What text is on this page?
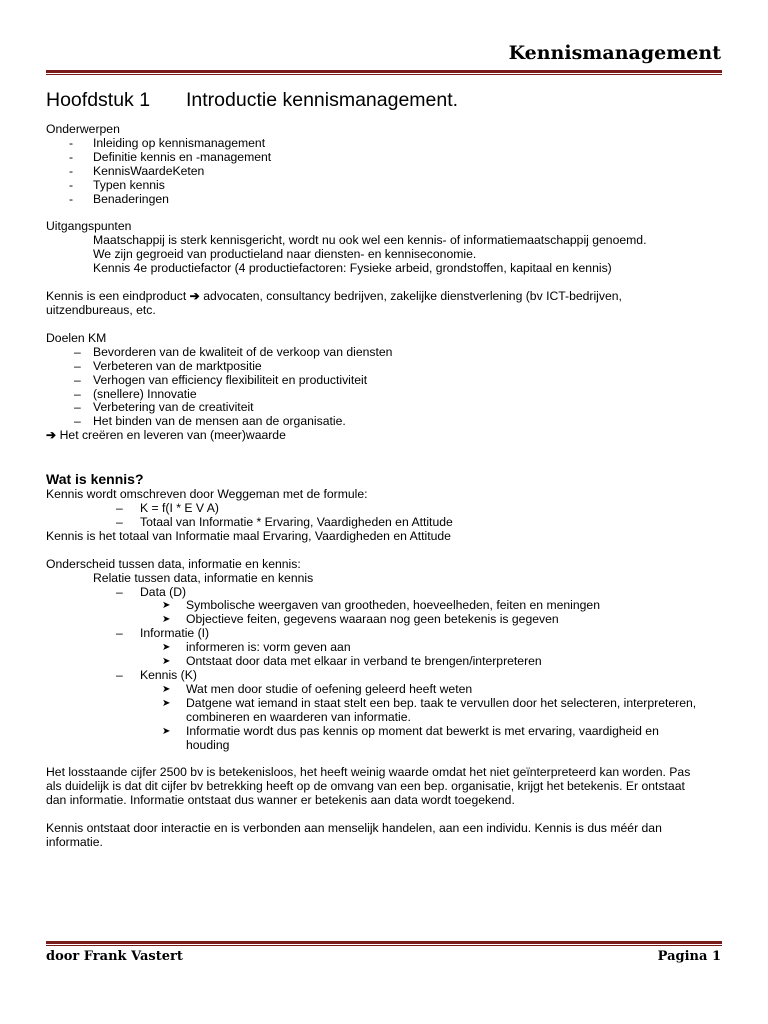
Kennismanagement
Hoofdstuk 1 Introductie kennismanagement.
Onderwerpen
- Inleiding op kennismanagement
- Definitie kennis en -management
- KennisWaardeKeten
- Typen kennis
- Benaderingen
Uitgangspunten
Maatschappij is sterk kennisgericht, wordt nu ook wel een kennis- of informatiemaatschappij genoemd.
We zijn gegroeid van productieland naar diensten- en kenniseconomie.
Kennis 4e productiefactor (4 productiefactoren: Fysieke arbeid, grondstoffen, kapitaal en kennis)
Kennis is een eindproduct ➔ advocaten, consultancy bedrijven, zakelijke dienstverlening (bv ICT-bedrijven,
uitzendbureaus, etc.
Doelen KM
– Bevorderen van de kwaliteit of de verkoop van diensten
– Verbeteren van de marktpositie
– Verhogen van efficiency flexibiliteit en productiviteit
– (snellere) Innovatie
– Verbetering van de creativiteit
– Het binden van de mensen aan de organisatie.
➔ Het creëren en leveren van (meer)waarde
Wat is kennis?
Kennis wordt omschreven door Weggeman met de formule:
– K = f(I * E V A)
– Totaal van Informatie * Ervaring, Vaardigheden en Attitude
Kennis is het totaal van Informatie maal Ervaring, Vaardigheden en Attitude
Onderscheid tussen data, informatie en kennis:
Relatie tussen data, informatie en kennis
– Data (D)
➤ Symbolische weergaven van grootheden, hoeveelheden, feiten en meningen
➤ Objectieve feiten, gegevens waaraan nog geen betekenis is gegeven
– Informatie (I)
➤ informeren is: vorm geven aan
➤ Ontstaat door data met elkaar in verband te brengen/interpreteren
– Kennis (K)
➤ Wat men door studie of oefening geleerd heeft weten
➤ Datgene wat iemand in staat stelt een bep. taak te vervullen door het selecteren, interpreteren,
combineren en waarderen van informatie.
➤ Informatie wordt dus pas kennis op moment dat bewerkt is met ervaring, vaardigheid en
houding
Het losstaande cijfer 2500 bv is betekenisloos, het heeft weinig waarde omdat het niet geïnterpreteerd kan worden. Pas
als duidelijk is dat dit cijfer bv betrekking heeft op de omvang van een bep. organisatie, krijgt het betekenis. Er ontstaat
dan informatie. Informatie ontstaat dus wanner er betekenis aan data wordt toegekend.
Kennis ontstaat door interactie en is verbonden aan menselijk handelen, aan een individu. Kennis is dus méér dan
informatie.
door Frank Vastert	Pagina 1
